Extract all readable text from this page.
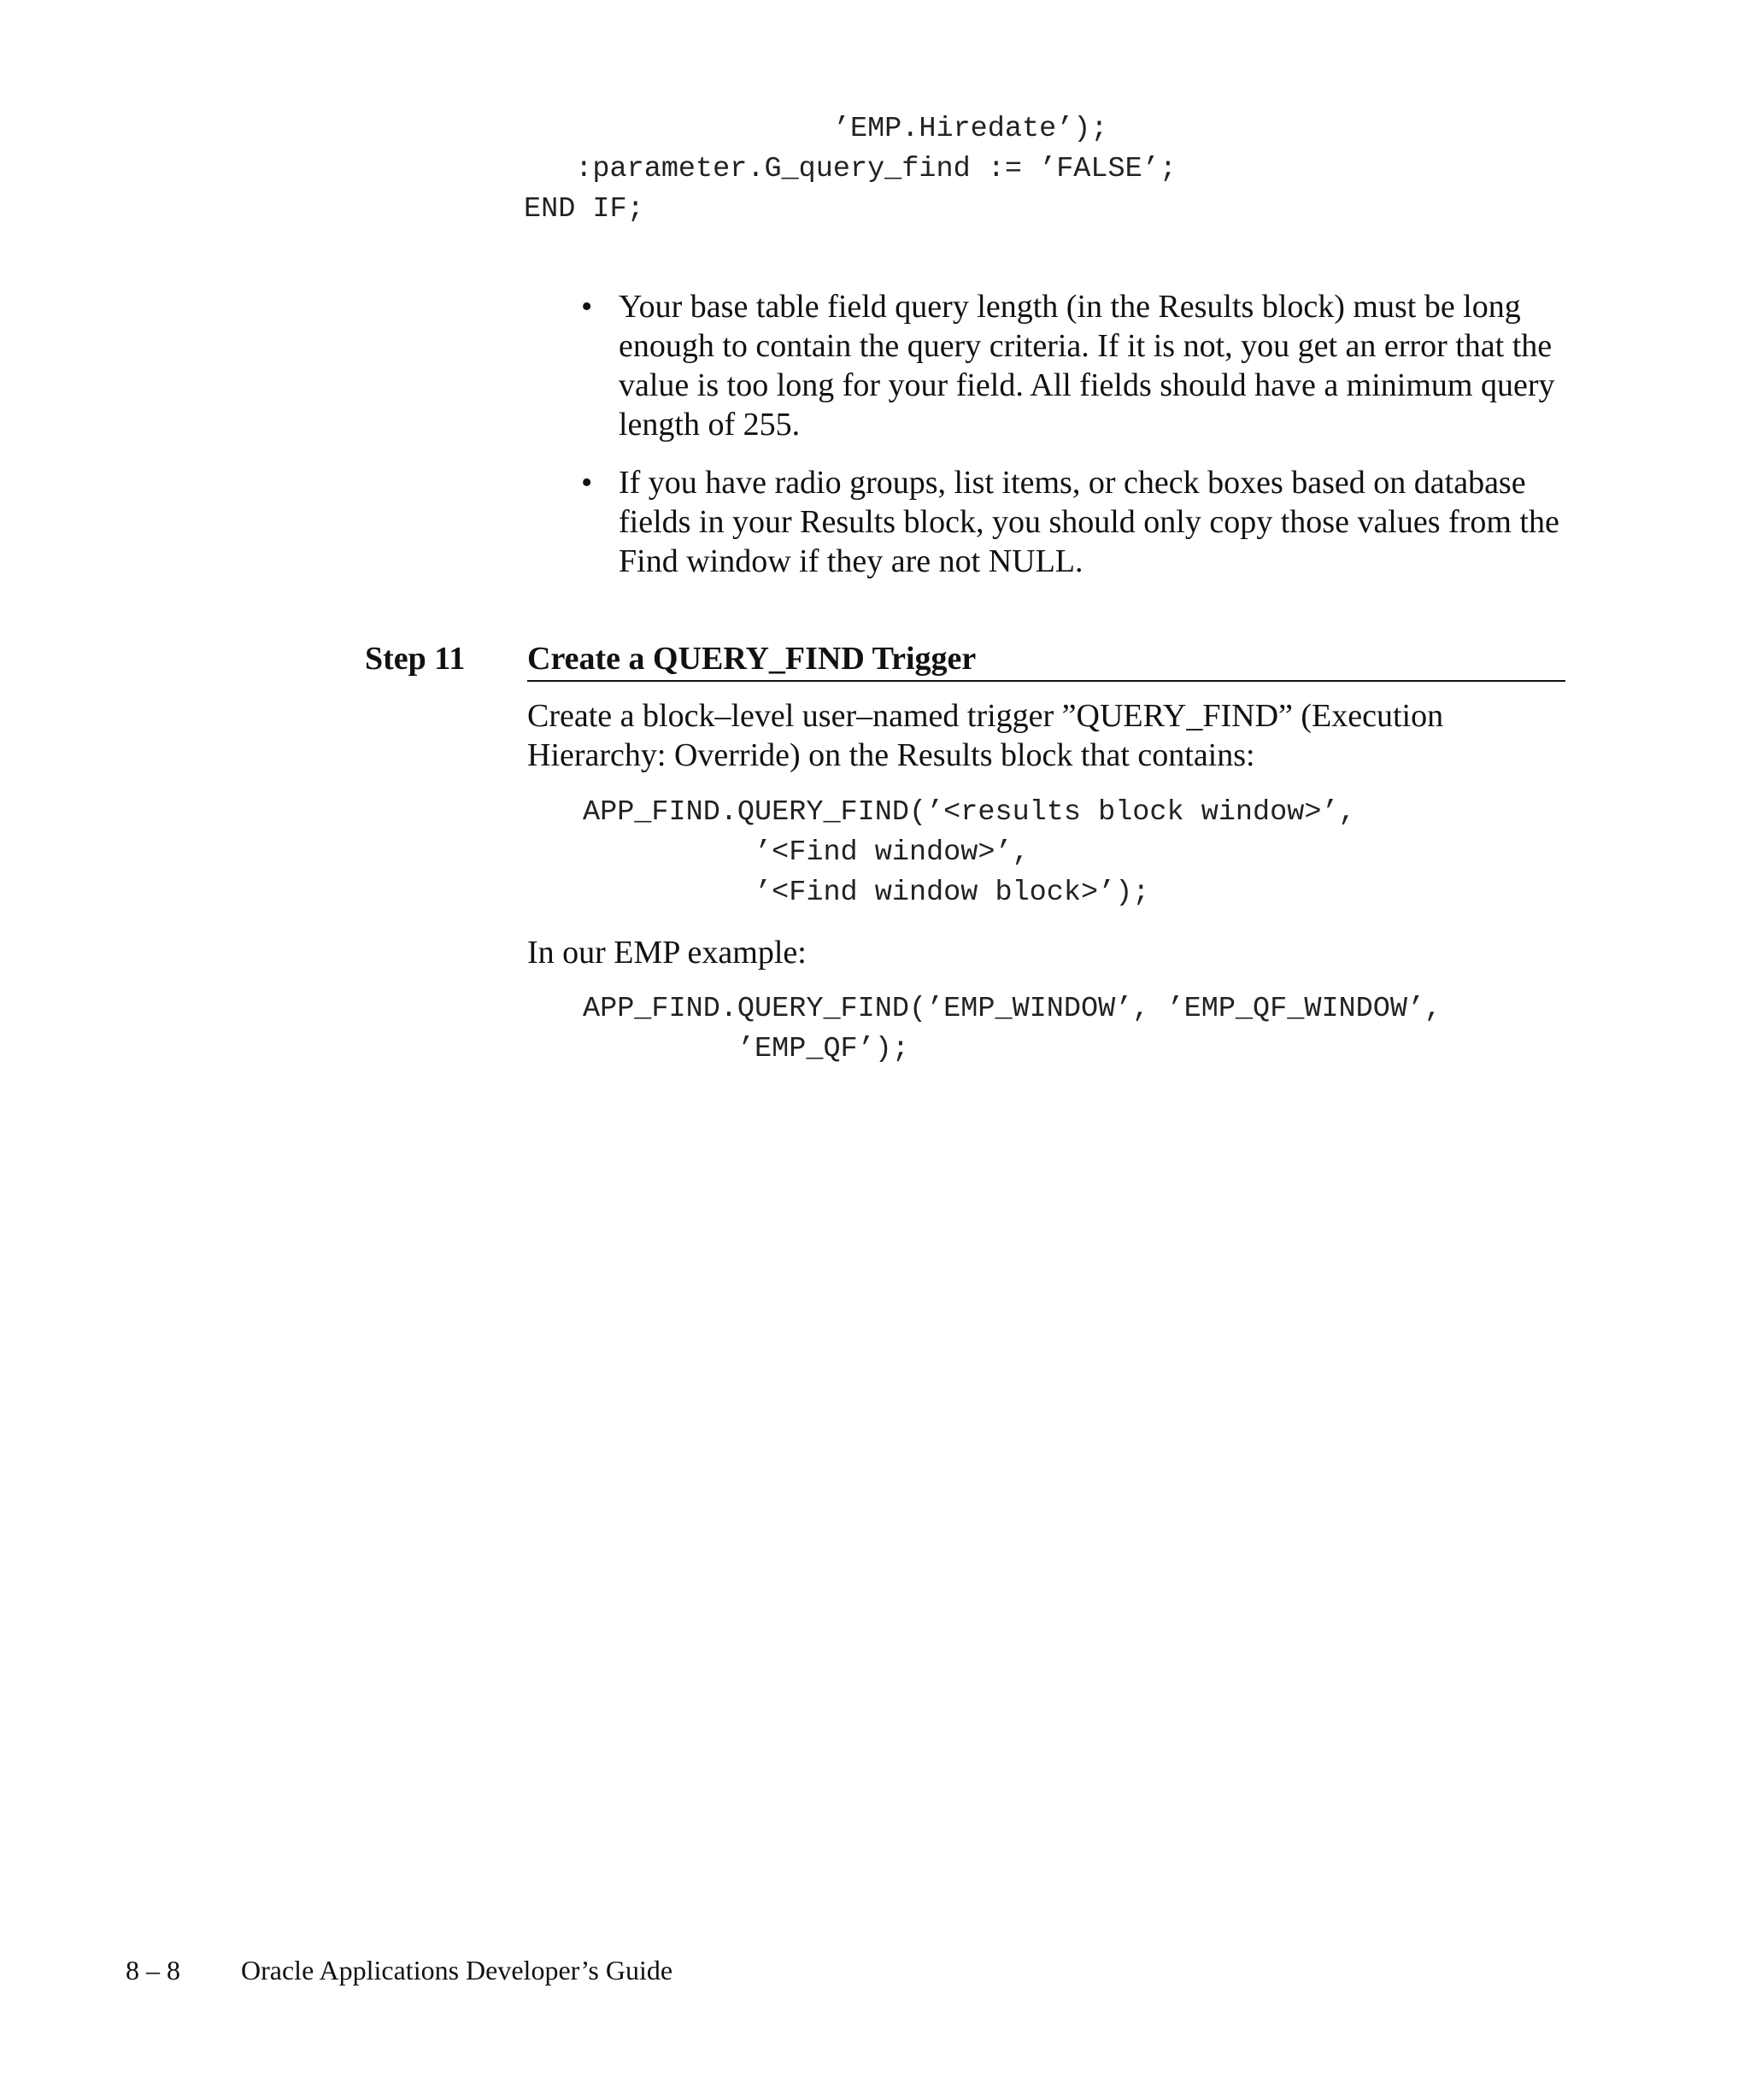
’EMP.Hiredate’);
:parameter.G_query_find := ’FALSE’;
END IF;
• Your base table field query length (in the Results block) must be long enough to contain the query criteria. If it is not, you get an error that the value is too long for your field. All fields should have a minimum query length of 255.
• If you have radio groups, list items, or check boxes based on database fields in your Results block, you should only copy those values from the Find window if they are not NULL.
Step 11 Create a QUERY_FIND Trigger

Create a block–level user–named trigger ”QUERY_FIND” (Execution Hierarchy: Override) on the Results block that contains:

APP_FIND.QUERY_FIND(’<results block window>’,
’<Find window>’,
’<Find window block>’);

In our EMP example:

APP_FIND.QUERY_FIND(’EMP_WINDOW’, ’EMP_QF_WINDOW’,
’EMP_QF’);
8 – 8 Oracle Applications Developer’s Guide
